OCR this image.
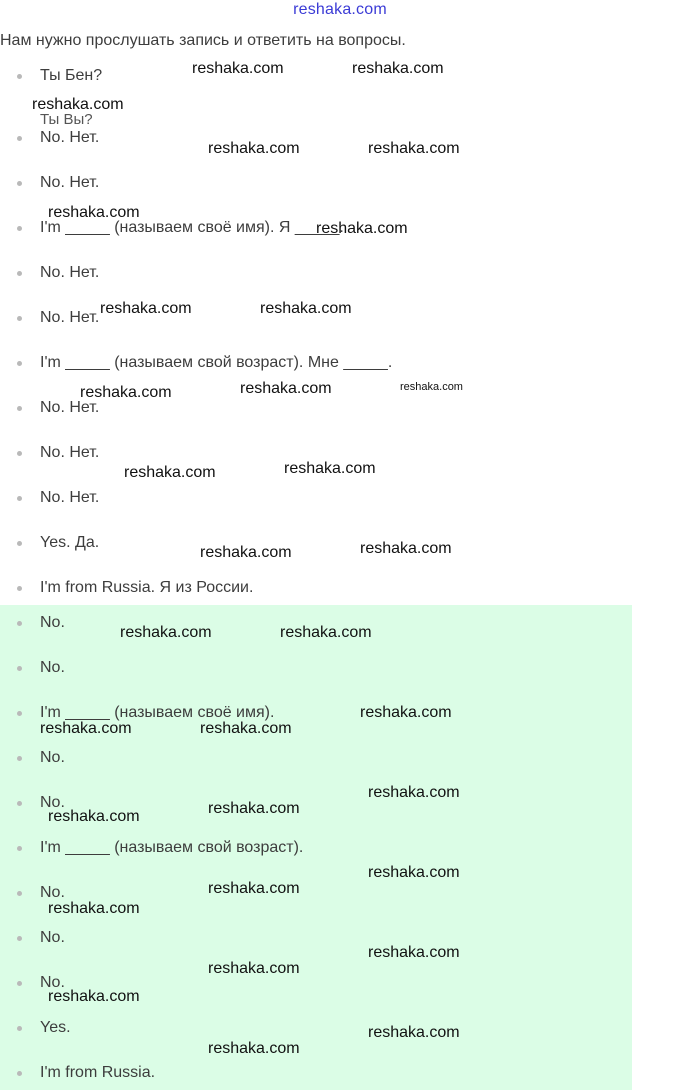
reshaka.com
Нам нужно прослушать запись и ответить на вопросы.
Ты Вы?
Ты Бен?
No. Нет.
No. Нет.
I'm _____ (называем своё имя). Я _____.
No. Нет.
No. Нет.
I'm _____ (называем свой возраст). Мне _____.
No. Нет.
No. Нет.
No. Нет.
Yes. Да.
I'm from Russia. Я из России.
No.
No.
I'm _____ (называем своё имя).
No.
No.
I'm _____ (называем свой возраст).
No.
No.
No.
Yes.
I'm from Russia.
reshaka.com	reshaka.com
reshaka.com
reshaka.com	reshaka.com
reshaka.com
reshaka.com
reshaka.com	reshaka.com
reshaka.com	reshaka.com	reshaka.com
reshaka.com	reshaka.com
reshaka.com	reshaka.com
reshaka.com	reshaka.com
reshaka.com
reshaka.com	reshaka.com
reshaka.com
reshaka.com
reshaka.com
reshaka.com
reshaka.com
reshaka.com
reshaka.com
reshaka.com
reshaka.com
reshaka.com
reshaka.com
